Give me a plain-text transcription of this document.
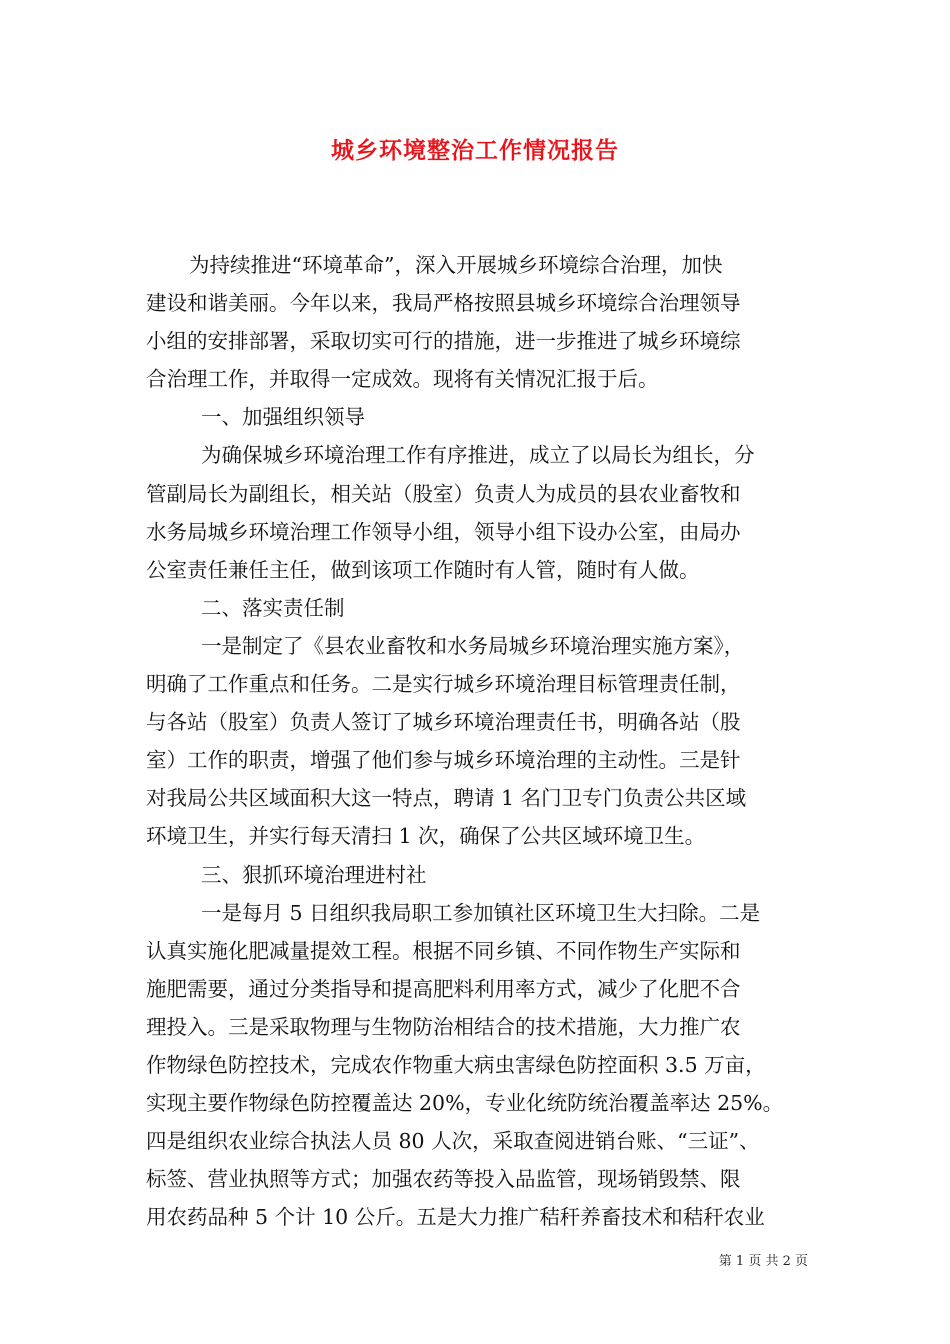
城乡环境整治工作情况报告
为持续推进“环境革命”，深入开展城乡环境综合治理，加快
建设和谐美丽。今年以来，我局严格按照县城乡环境综合治理领导
小组的安排部署，采取切实可行的措施，进一步推进了城乡环境综
合治理工作，并取得一定成效。现将有关情况汇报于后。
一、加强组织领导
为确保城乡环境治理工作有序推进，成立了以局长为组长，分
管副局长为副组长，相关站（股室）负责人为成员的县农业畜牧和
水务局城乡环境治理工作领导小组，领导小组下设办公室，由局办
公室责任兼任主任，做到该项工作随时有人管，随时有人做。
二、落实责任制
一是制定了《县农业畜牧和水务局城乡环境治理实施方案》，
明确了工作重点和任务。二是实行城乡环境治理目标管理责任制，
与各站（股室）负责人签订了城乡环境治理责任书，明确各站（股
室）工作的职责，增强了他们参与城乡环境治理的主动性。三是针
对我局公共区域面积大这一特点，聘请 1 名门卫专门负责公共区域
环境卫生，并实行每天清扫 1 次，确保了公共区域环境卫生。
三、狠抓环境治理进村社
一是每月 5 日组织我局职工参加镇社区环境卫生大扫除。二是
认真实施化肥减量提效工程。根据不同乡镇、不同作物生产实际和
施肥需要，通过分类指导和提高肥料利用率方式，减少了化肥不合
理投入。三是采取物理与生物防治相结合的技术措施，大力推广农
作物绿色防控技术，完成农作物重大病虫害绿色防控面积 3.5 万亩，
实现主要作物绿色防控覆盖达 20%，专业化统防统治覆盖率达 25%。
四是组织农业综合执法人员 80 人次，采取查阅进销台账、“三证”、
标签、营业执照等方式；加强农药等投入品监管，现场销毁禁、限
用农药品种 5 个计 10 公斤。五是大力推广秸秆养畜技术和秸秆农业
第 1 页 共 2 页
